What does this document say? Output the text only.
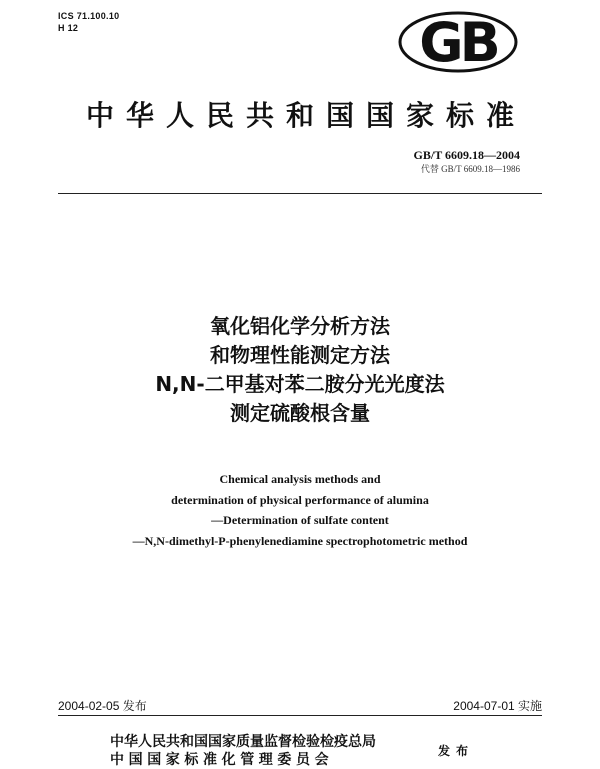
ICS 71.100.10
H 12	GB
中华人民共和国国家标准
GB/T 6609.18—2004
代替 GB/T 6609.18—1986
氧化铝化学分析方法
和物理性能测定方法
N,N-二甲基对苯二胺分光光度法
测定硫酸根含量
Chemical analysis methods and
determination of physical performance of alumina
—Determination of sulfate content
—N,N-dimethyl-P-phenylenediamine spectrophotometric method
2004-02-05 发布	2004-07-01 实施
中华人民共和国国家质量监督检验检疫总局
中国国家标准化管理委员会
发布
